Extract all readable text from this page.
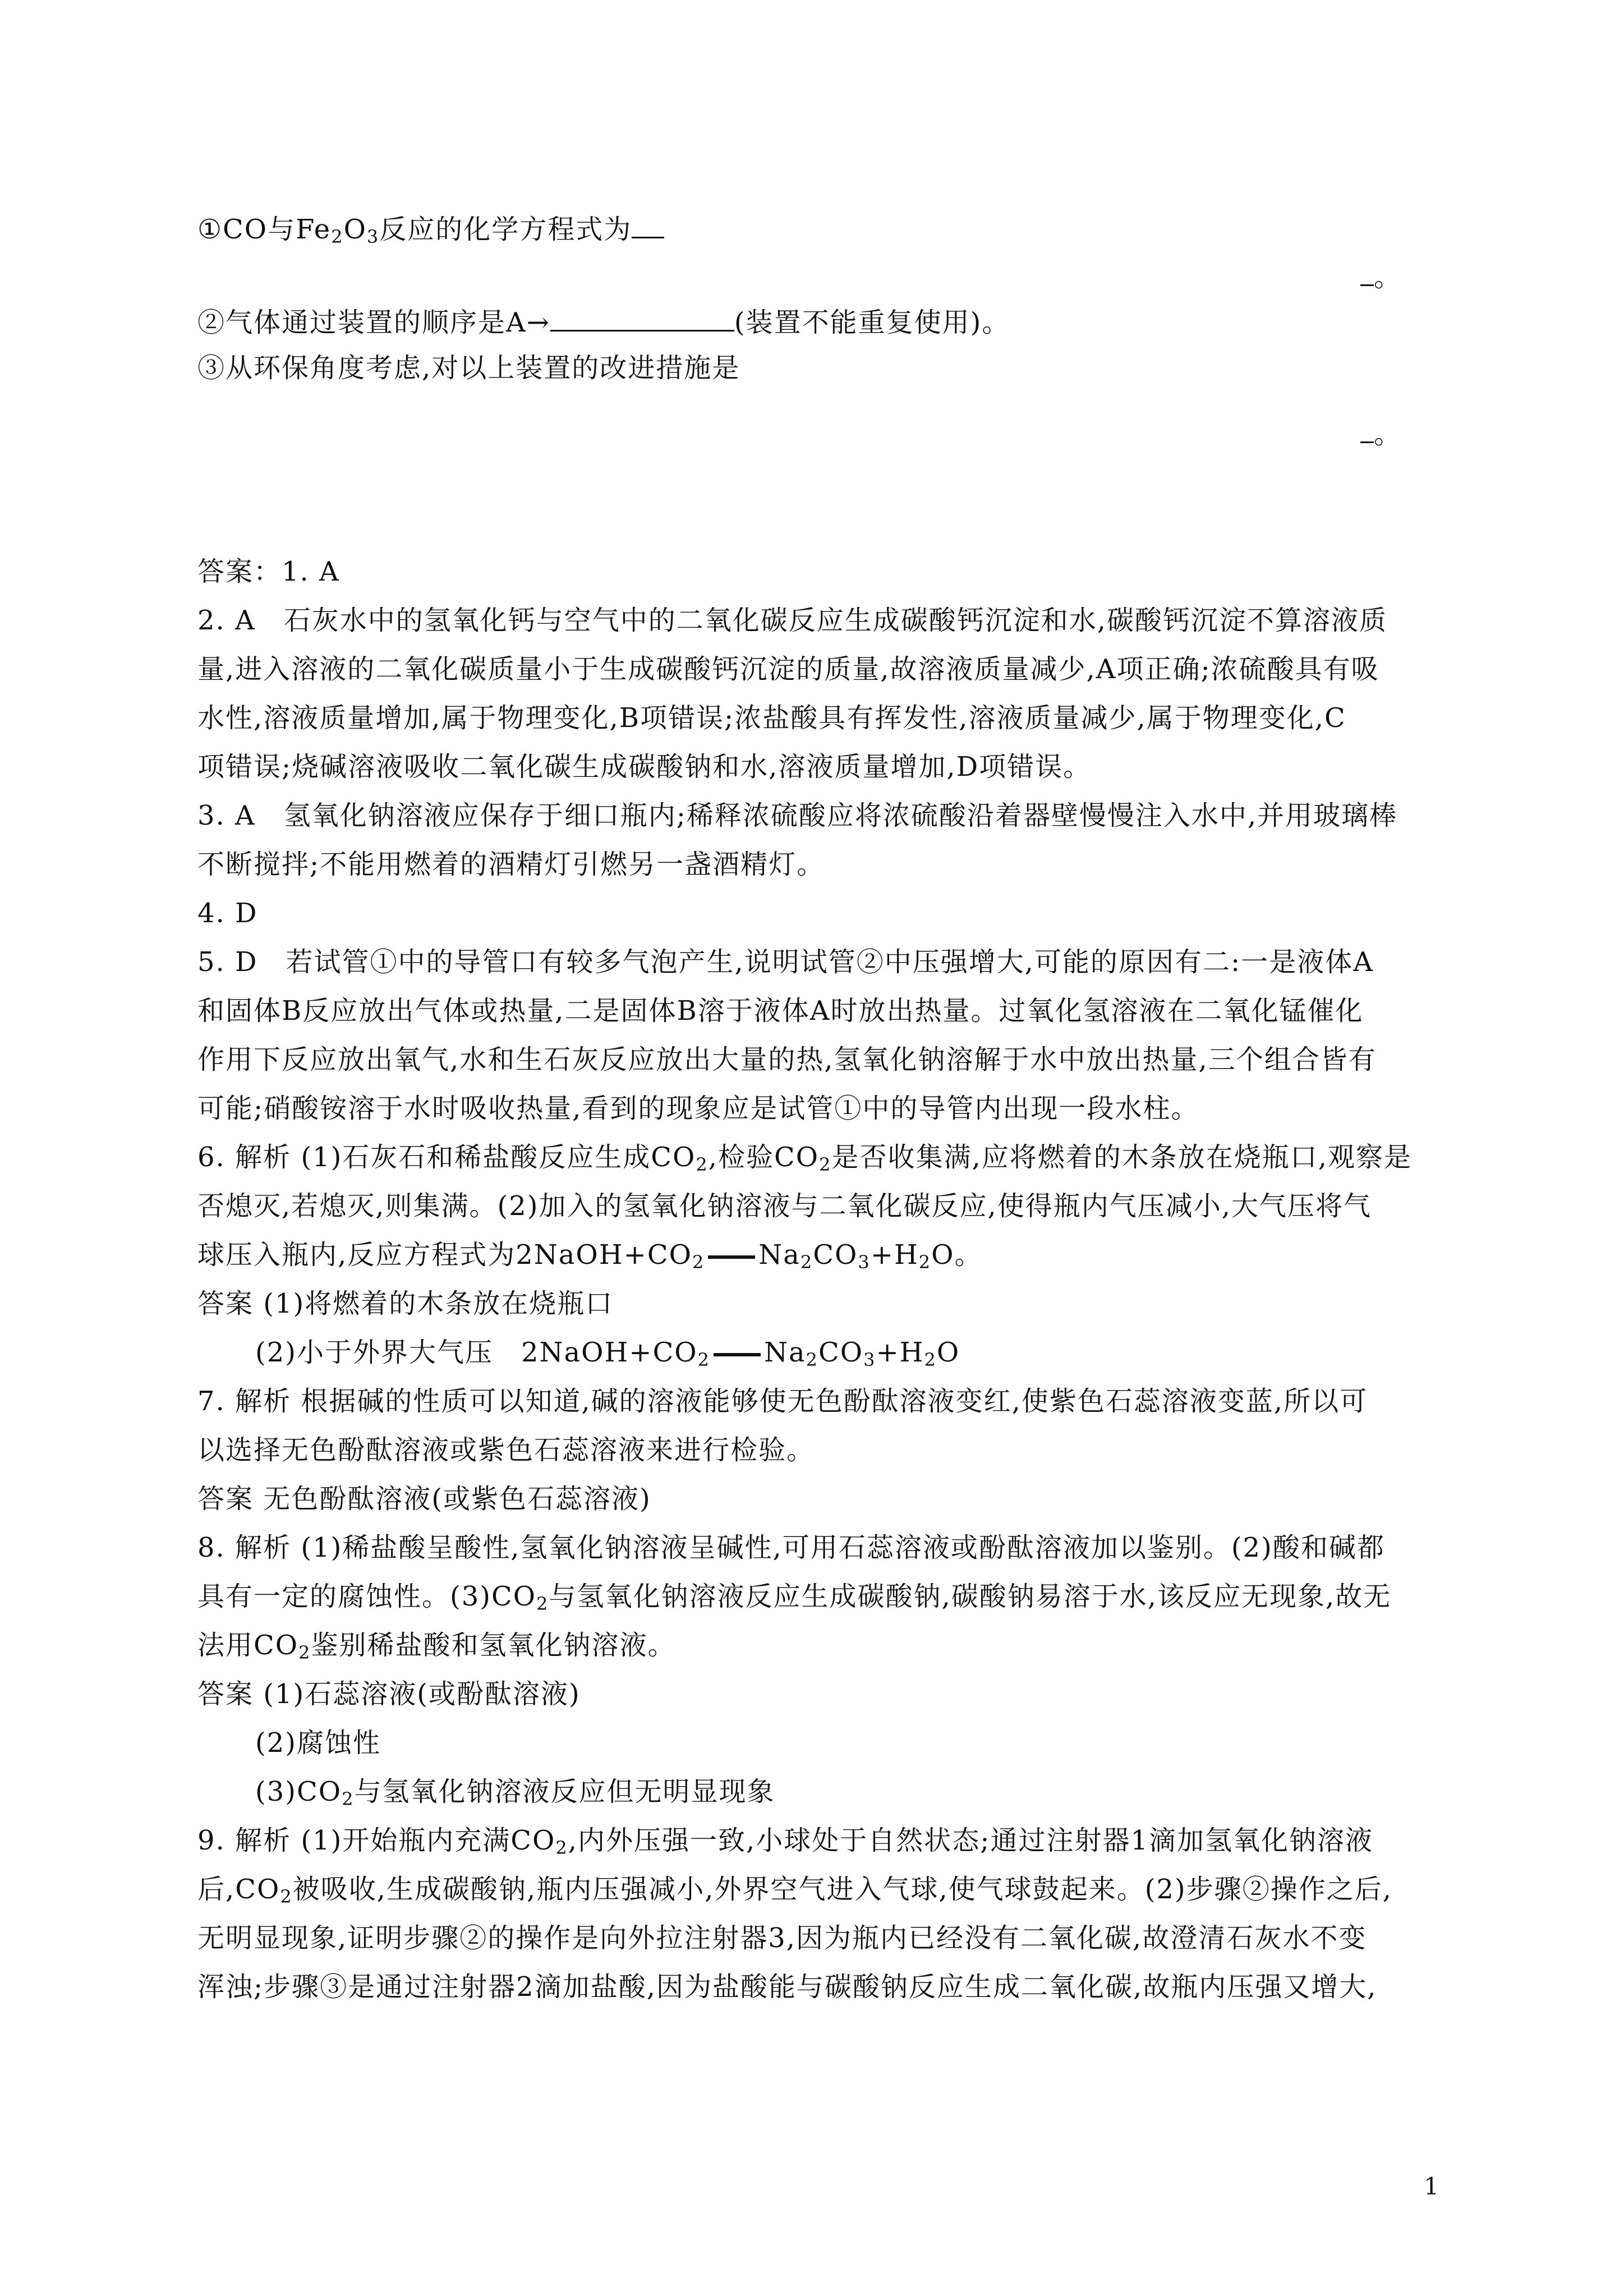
①CO与$Fe_2O_3$反应的化学方程式为
。
②气体通过装置的顺序是A→	(装置不能重复使用)。
③从环保角度考虑,对以上装置的改进措施是
。
答案：1. A
2. A　石灰水中的氢氧化钙与空气中的二氧化碳反应生成碳酸钙沉淀和水,碳酸钙沉淀不算溶液质
量,进入溶液的二氧化碳质量小于生成碳酸钙沉淀的质量,故溶液质量减少,A项正确;浓硫酸具有吸
水性,溶液质量增加,属于物理变化,B项错误;浓盐酸具有挥发性,溶液质量减少,属于物理变化,C
项错误;烧碱溶液吸收二氧化碳生成碳酸钠和水,溶液质量增加,D项错误。
3. A　氢氧化钠溶液应保存于细口瓶内;稀释浓硫酸应将浓硫酸沿着器壁慢慢注入水中,并用玻璃棒
不断搅拌;不能用燃着的酒精灯引燃另一盏酒精灯。
4. D
5. D　若试管①中的导管口有较多气泡产生,说明试管②中压强增大,可能的原因有二:一是液体A
和固体B反应放出气体或热量,二是固体B溶于液体A时放出热量。过氧化氢溶液在二氧化锰催化
作用下反应放出氧气,水和生石灰反应放出大量的热,氢氧化钠溶解于水中放出热量,三个组合皆有
可能;硝酸铵溶于水时吸收热量,看到的现象应是试管①中的导管内出现一段水柱。
6. 解析 (1)石灰石和稀盐酸反应生成$CO_2$,检验$CO_2$是否收集满,应将燃着的木条放在烧瓶口,观察是
否熄灭,若熄灭,则集满。(2)加入的氢氧化钠溶液与二氧化碳反应,使得瓶内气压减小,大气压将气
球压入瓶内,反应方程式为$2NaOH+CO_2$ $Na_2CO_3+H_2O$。
答案 (1)将燃着的木条放在烧瓶口
(2)小于外界大气压　$2NaOH+CO_2$ $Na_2CO_3+H_2O$
7. 解析 根据碱的性质可以知道,碱的溶液能够使无色酚酞溶液变红,使紫色石蕊溶液变蓝,所以可
以选择无色酚酞溶液或紫色石蕊溶液来进行检验。
答案 无色酚酞溶液(或紫色石蕊溶液)
8. 解析 (1)稀盐酸呈酸性,氢氧化钠溶液呈碱性,可用石蕊溶液或酚酞溶液加以鉴别。(2)酸和碱都
具有一定的腐蚀性。$(3)CO_2$与氢氧化钠溶液反应生成碳酸钠,碳酸钠易溶于水,该反应无现象,故无
法用$CO_2$鉴别稀盐酸和氢氧化钠溶液。
答案 (1)石蕊溶液(或酚酞溶液)
(2)腐蚀性
$(3)CO_2$与氢氧化钠溶液反应但无明显现象
9. 解析 (1)开始瓶内充满$CO_2$,内外压强一致,小球处于自然状态;通过注射器1滴加氢氧化钠溶液
后$,CO_2$被吸收,生成碳酸钠,瓶内压强减小,外界空气进入气球,使气球鼓起来。(2)步骤②操作之后,
无明显现象,证明步骤②的操作是向外拉注射器3,因为瓶内已经没有二氧化碳,故澄清石灰水不变
浑浊;步骤③是通过注射器2滴加盐酸,因为盐酸能与碳酸钠反应生成二氧化碳,故瓶内压强又增大,
1
